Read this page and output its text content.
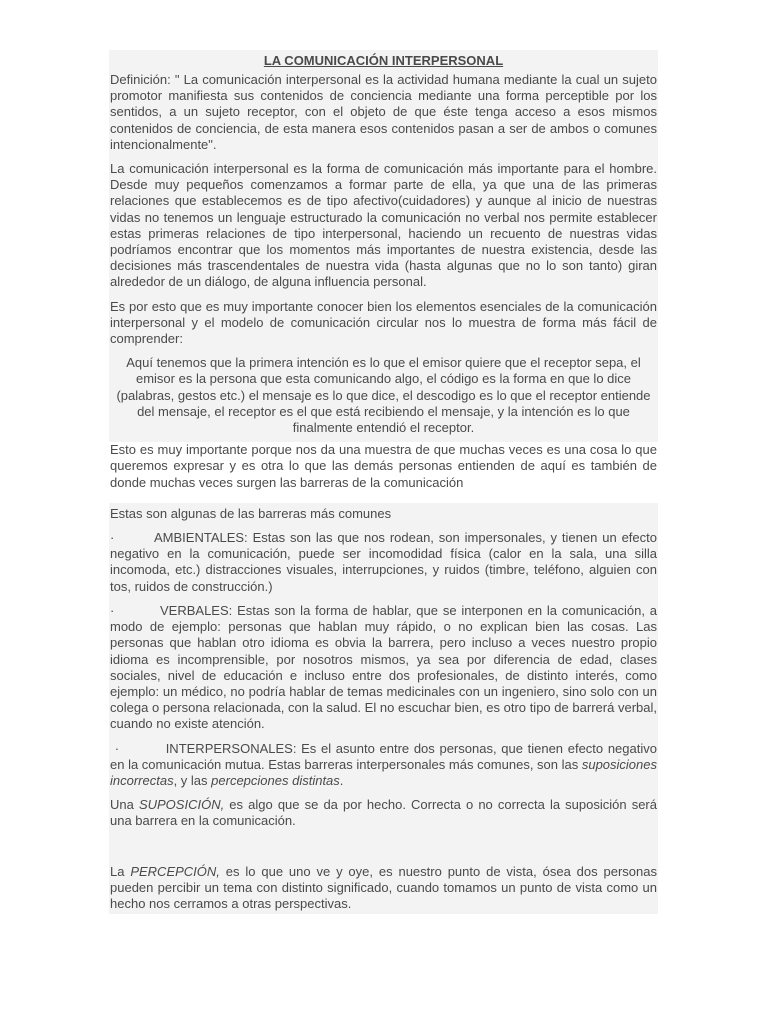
LA COMUNICACIÓN INTERPERSONAL

Definición: " La comunicación interpersonal es la actividad humana mediante la cual un sujeto promotor manifiesta sus contenidos de conciencia mediante una forma perceptible por los sentidos, a un sujeto receptor, con el objeto de que éste tenga acceso a esos mismos contenidos de conciencia, de esta manera esos contenidos pasan a ser de ambos o comunes intencionalmente".

La comunicación interpersonal es la forma de comunicación más importante para el hombre. Desde muy pequeños comenzamos a formar parte de ella, ya que una de las primeras relaciones que establecemos es de tipo afectivo(cuidadores) y aunque al inicio de nuestras vidas no tenemos un lenguaje estructurado la comunicación no verbal nos permite establecer estas primeras relaciones de tipo interpersonal, haciendo un recuento de nuestras vidas podríamos encontrar que los momentos más importantes de nuestra existencia, desde las decisiones más trascendentales de nuestra vida (hasta algunas que no lo son tanto) giran alrededor de un diálogo, de alguna influencia personal.

Es por esto que es muy importante conocer bien los elementos esenciales de la comunicación interpersonal y el modelo de comunicación circular nos lo muestra de forma más fácil de comprender:

Aquí tenemos que la primera intención es lo que el emisor quiere que el receptor sepa, el emisor es la persona que esta comunicando algo, el código es la forma en que lo dice (palabras, gestos etc.) el mensaje es lo que dice, el descodigo es lo que el receptor entiende del mensaje, el receptor es el que está recibiendo el mensaje, y la intención es lo que finalmente entendió el receptor.

Esto es muy importante porque nos da una muestra de que muchas veces es una cosa lo que queremos expresar y es otra lo que las demás personas entienden de aquí es también de donde muchas veces surgen las barreras de la comunicación

Estas son algunas de las barreras más comunes

·	AMBIENTALES: Estas son las que nos rodean, son impersonales, y tienen un efecto negativo en la comunicación, puede ser incomodidad física (calor en la sala, una silla incomoda, etc.) distracciones visuales, interrupciones, y ruidos (timbre, teléfono, alguien con tos, ruidos de construcción.)

·	VERBALES: Estas son la forma de hablar, que se interponen en la comunicación, a modo de ejemplo: personas que hablan muy rápido, o no explican bien las cosas. Las personas que hablan otro idioma es obvia la barrera, pero incluso a veces nuestro propio idioma es incomprensible, por nosotros mismos, ya sea por diferencia de edad, clases sociales, nivel de educación e incluso entre dos profesionales, de distinto interés, como ejemplo: un médico, no podría hablar de temas medicinales con un ingeniero, sino solo con un colega o persona relacionada, con la salud. El no escuchar bien, es otro tipo de barrerá verbal, cuando no existe atención.

·	INTERPERSONALES: Es el asunto entre dos personas, que tienen efecto negativo en la comunicación mutua. Estas barreras interpersonales más comunes, son las suposiciones incorrectas, y las percepciones distintas.

Una SUPOSICIÓN, es algo que se da por hecho. Correcta o no correcta la suposición será una barrera en la comunicación.

La PERCEPCIÓN, es lo que uno ve y oye, es nuestro punto de vista, ósea dos personas pueden percibir un tema con distinto significado, cuando tomamos un punto de vista como un hecho nos cerramos a otras perspectivas.
